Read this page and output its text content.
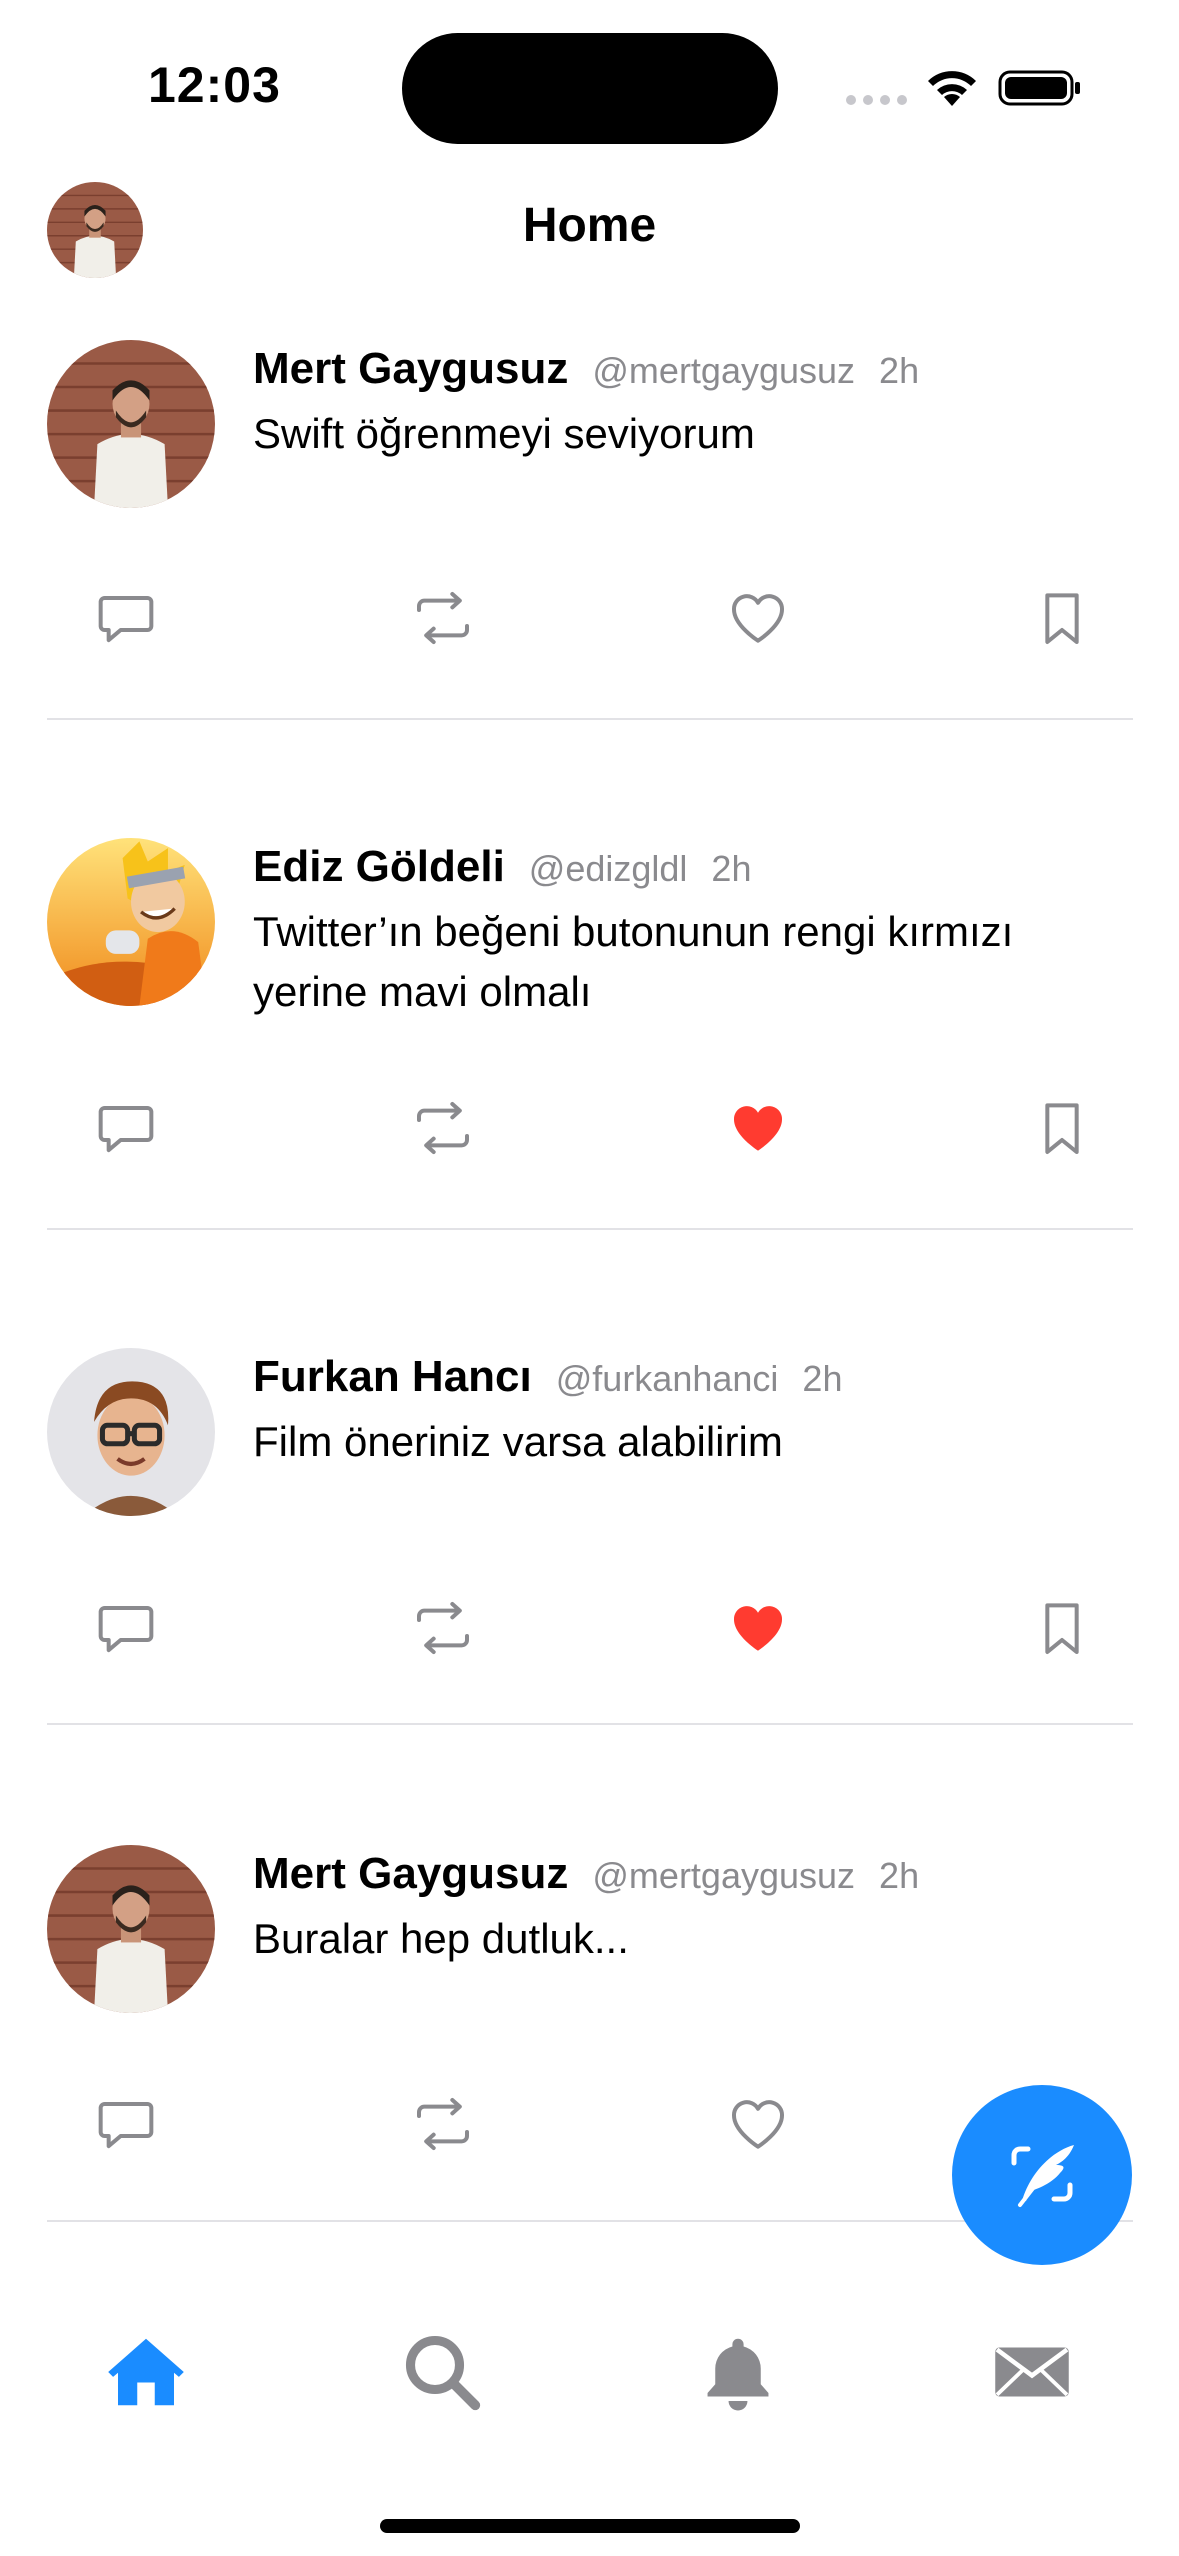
12:03
Home
Mert Gaygusuz @mertgaygusuz 2h
Swift öğrenmeyi seviyorum
Ediz Göldeli @edizgldl 2h
Twitter’ın beğeni butonunun rengi kırmızı yerine mavi olmalı
Furkan Hancı @furkanhanci 2h
Film öneriniz varsa alabilirim
Mert Gaygusuz @mertgaygusuz 2h
Buralar hep dutluk...
